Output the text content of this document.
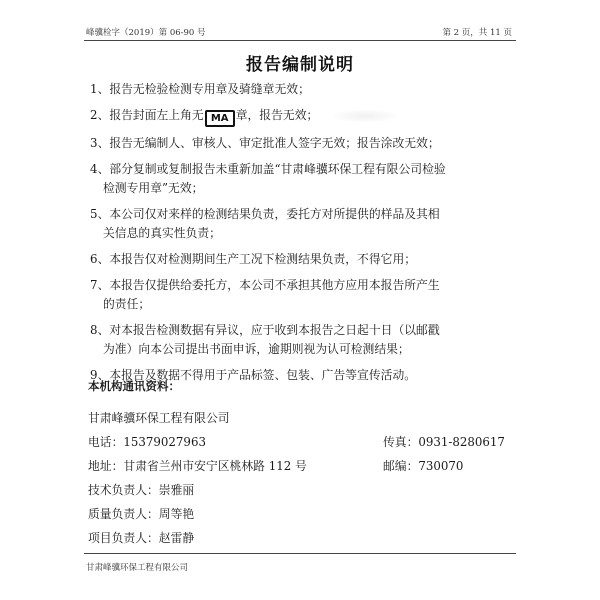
峰骥检字（2019）第 06-90 号	第 2 页，共 11 页
报告编制说明
1、报告无检验检测专用章及骑缝章无效；
2、报告封面左上角无MA	章，报告无效；
3、报告无编制人、审核人、审定批准人签字无效；报告涂改无效；
4、部分复制或复制报告未重新加盖“甘肃峰骥环保工程有限公司检验
检测专用章”无效；
5、本公司仅对来样的检测结果负责，委托方对所提供的样品及其相
关信息的真实性负责；
6、本报告仅对检测期间生产工况下检测结果负责，不得它用；
7、本报告仅提供给委托方，本公司不承担其他方应用本报告所产生
的责任；
8、对本报告检测数据有异议，应于收到本报告之日起十日（以邮戳
为准）向本公司提出书面申诉，逾期则视为认可检测结果；
9、本报告及数据不得用于产品标签、包装、广告等宣传活动。
本机构通讯资料：
甘肃峰骥环保工程有限公司
电话：15379027963	传真：0931-8280617
地址：甘肃省兰州市安宁区桃林路 112 号	邮编：730070
技术负责人：崇雅丽
质量负责人：周等艳
项目负责人：赵雷静
甘肃峰骥环保工程有限公司
